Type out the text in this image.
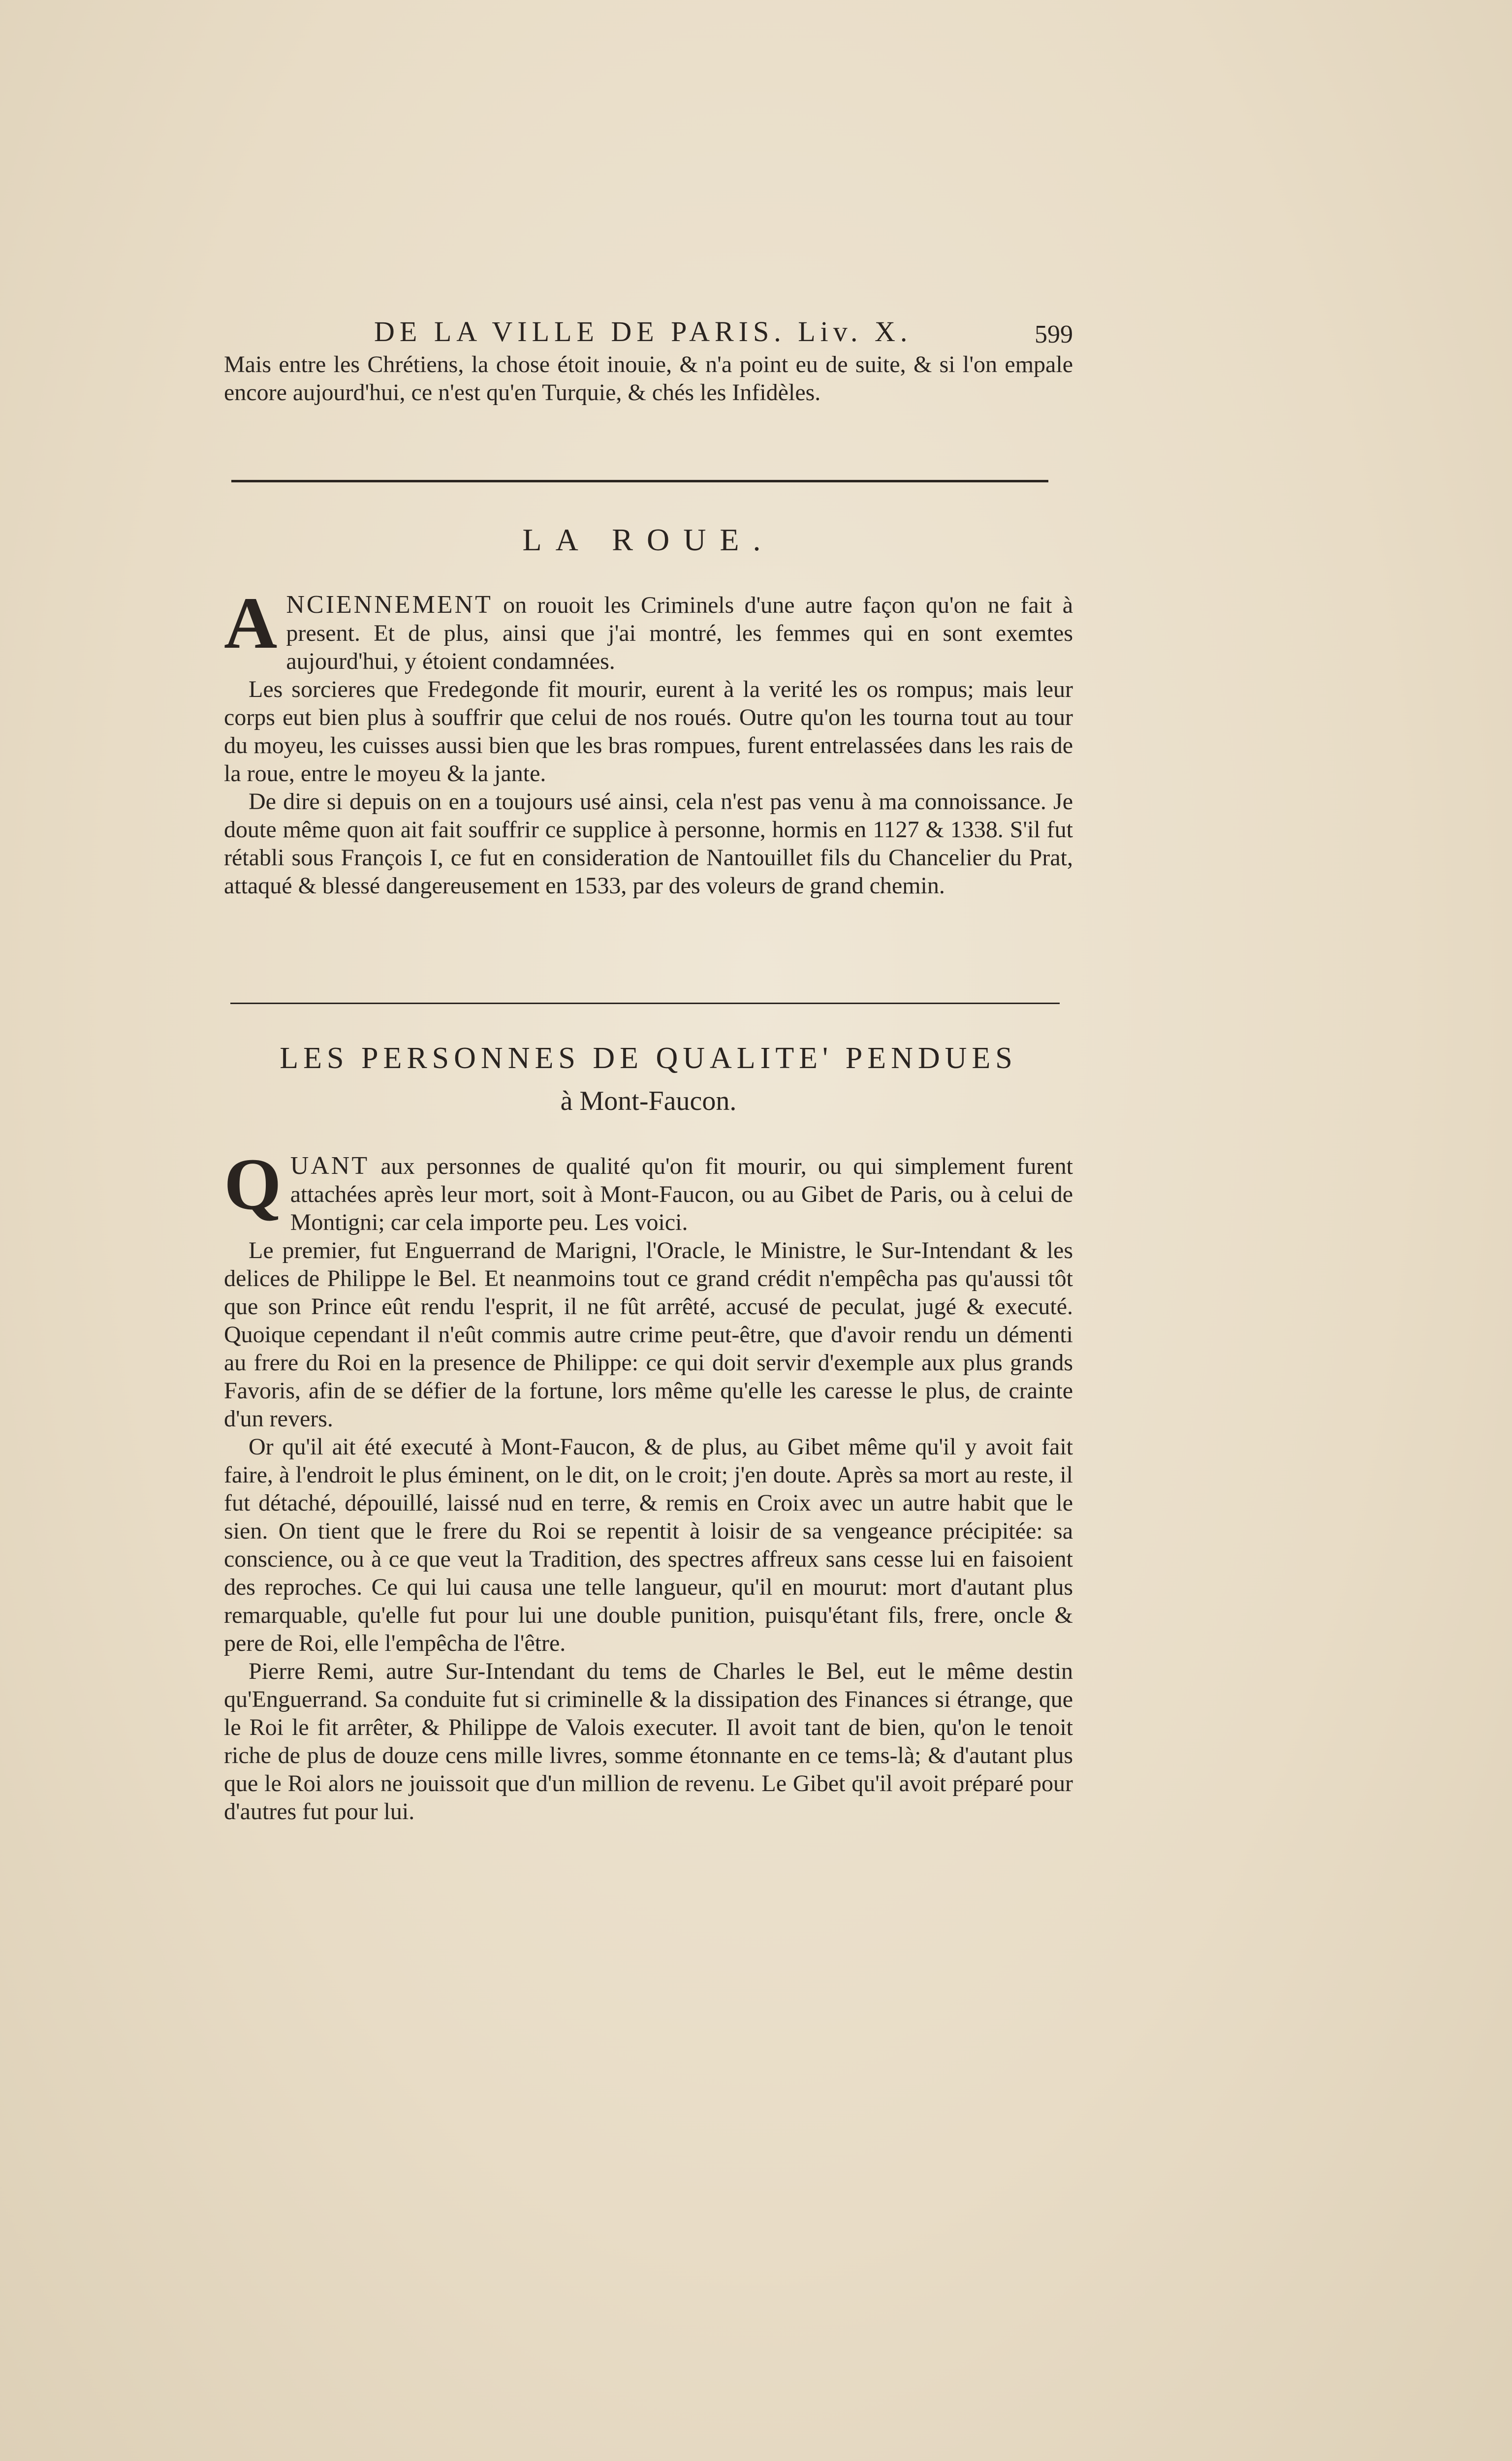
DE LA VILLE DE PARIS. Liv. X.	599

Mais entre les Chrétiens, la chose étoit inouie, & n'a point eu de suite, & si l'on empale encore aujourd'hui, ce n'est qu'en Turquie, & chés les Infidèles.

LA ROUE.

ANCIENNEMENT on rouoit les Criminels d'une autre façon qu'on ne fait à present. Et de plus, ainsi que j'ai montré, les femmes qui en sont exemtes aujourd'hui, y étoient condamnées.

Les sorcieres que Fredegonde fit mourir, eurent à la verité les os rompus; mais leur corps eut bien plus à souffrir que celui de nos roués. Outre qu'on les tourna tout au tour du moyeu, les cuisses aussi bien que les bras rompues, furent entrelassées dans les rais de la roue, entre le moyeu & la jante.

De dire si depuis on en a toujours usé ainsi, cela n'est pas venu à ma connoissance. Je doute même quon ait fait souffrir ce supplice à personne, hormis en 1127 & 1338. S'il fut rétabli sous François I, ce fut en consideration de Nantouillet fils du Chancelier du Prat, attaqué & blessé dangereusement en 1533, par des voleurs de grand chemin.

LES PERSONNES DE QUALITE' PENDUES
à Mont-Faucon.

QUANT aux personnes de qualité qu'on fit mourir, ou qui simplement furent attachées après leur mort, soit à Mont-Faucon, ou au Gibet de Paris, ou à celui de Montigni; car cela importe peu. Les voici.

Le premier, fut Enguerrand de Marigni, l'Oracle, le Ministre, le Sur-Intendant & les delices de Philippe le Bel. Et neanmoins tout ce grand crédit n'empêcha pas qu'aussi tôt que son Prince eût rendu l'esprit, il ne fût arrêté, accusé de peculat, jugé & executé. Quoique cependant il n'eût commis autre crime peut-être, que d'avoir rendu un démenti au frere du Roi en la presence de Philippe: ce qui doit servir d'exemple aux plus grands Favoris, afin de se défier de la fortune, lors même qu'elle les caresse le plus, de crainte d'un revers.

Or qu'il ait été executé à Mont-Faucon, & de plus, au Gibet même qu'il y avoit fait faire, à l'endroit le plus éminent, on le dit, on le croit; j'en doute. Après sa mort au reste, il fut détaché, dépouillé, laissé nud en terre, & remis en Croix avec un autre habit que le sien. On tient que le frere du Roi se repentit à loisir de sa vengeance précipitée: sa conscience, ou à ce que veut la Tradition, des spectres affreux sans cesse lui en faisoient des reproches. Ce qui lui causa une telle langueur, qu'il en mourut: mort d'autant plus remarquable, qu'elle fut pour lui une double punition, puisqu'étant fils, frere, oncle & pere de Roi, elle l'empêcha de l'être.

Pierre Remi, autre Sur-Intendant du tems de Charles le Bel, eut le même destin qu'Enguerrand. Sa conduite fut si criminelle & la dissipation des Finances si étrange, que le Roi le fit arrêter, & Philippe de Valois executer. Il avoit tant de bien, qu'on le tenoit riche de plus de douze cens mille livres, somme étonnante en ce tems-là; & d'autant plus que le Roi alors ne jouissoit que d'un million de revenu. Le Gibet qu'il avoit préparé pour d'autres fut pour lui.
